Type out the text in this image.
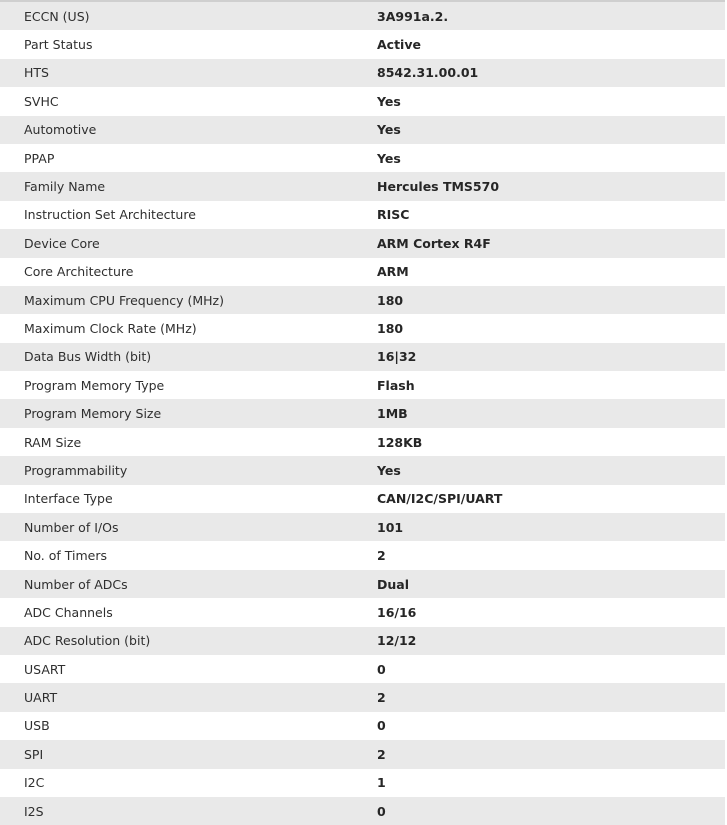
ECCN (US)	3A991a.2.
Part Status	Active
HTS	8542.31.00.01
SVHC	Yes
Automotive	Yes
PPAP	Yes
Family Name	Hercules TMS570
Instruction Set Architecture	RISC
Device Core	ARM Cortex R4F
Core Architecture	ARM
Maximum CPU Frequency (MHz)	180
Maximum Clock Rate (MHz)	180
Data Bus Width (bit)	16|32
Program Memory Type	Flash
Program Memory Size	1MB
RAM Size	128KB
Programmability	Yes
Interface Type	CAN/I2C/SPI/UART
Number of I/Os	101
No. of Timers	2
Number of ADCs	Dual
ADC Channels	16/16
ADC Resolution (bit)	12/12
USART	0
UART	2
USB	0
SPI	2
I2C	1
I2S	0
